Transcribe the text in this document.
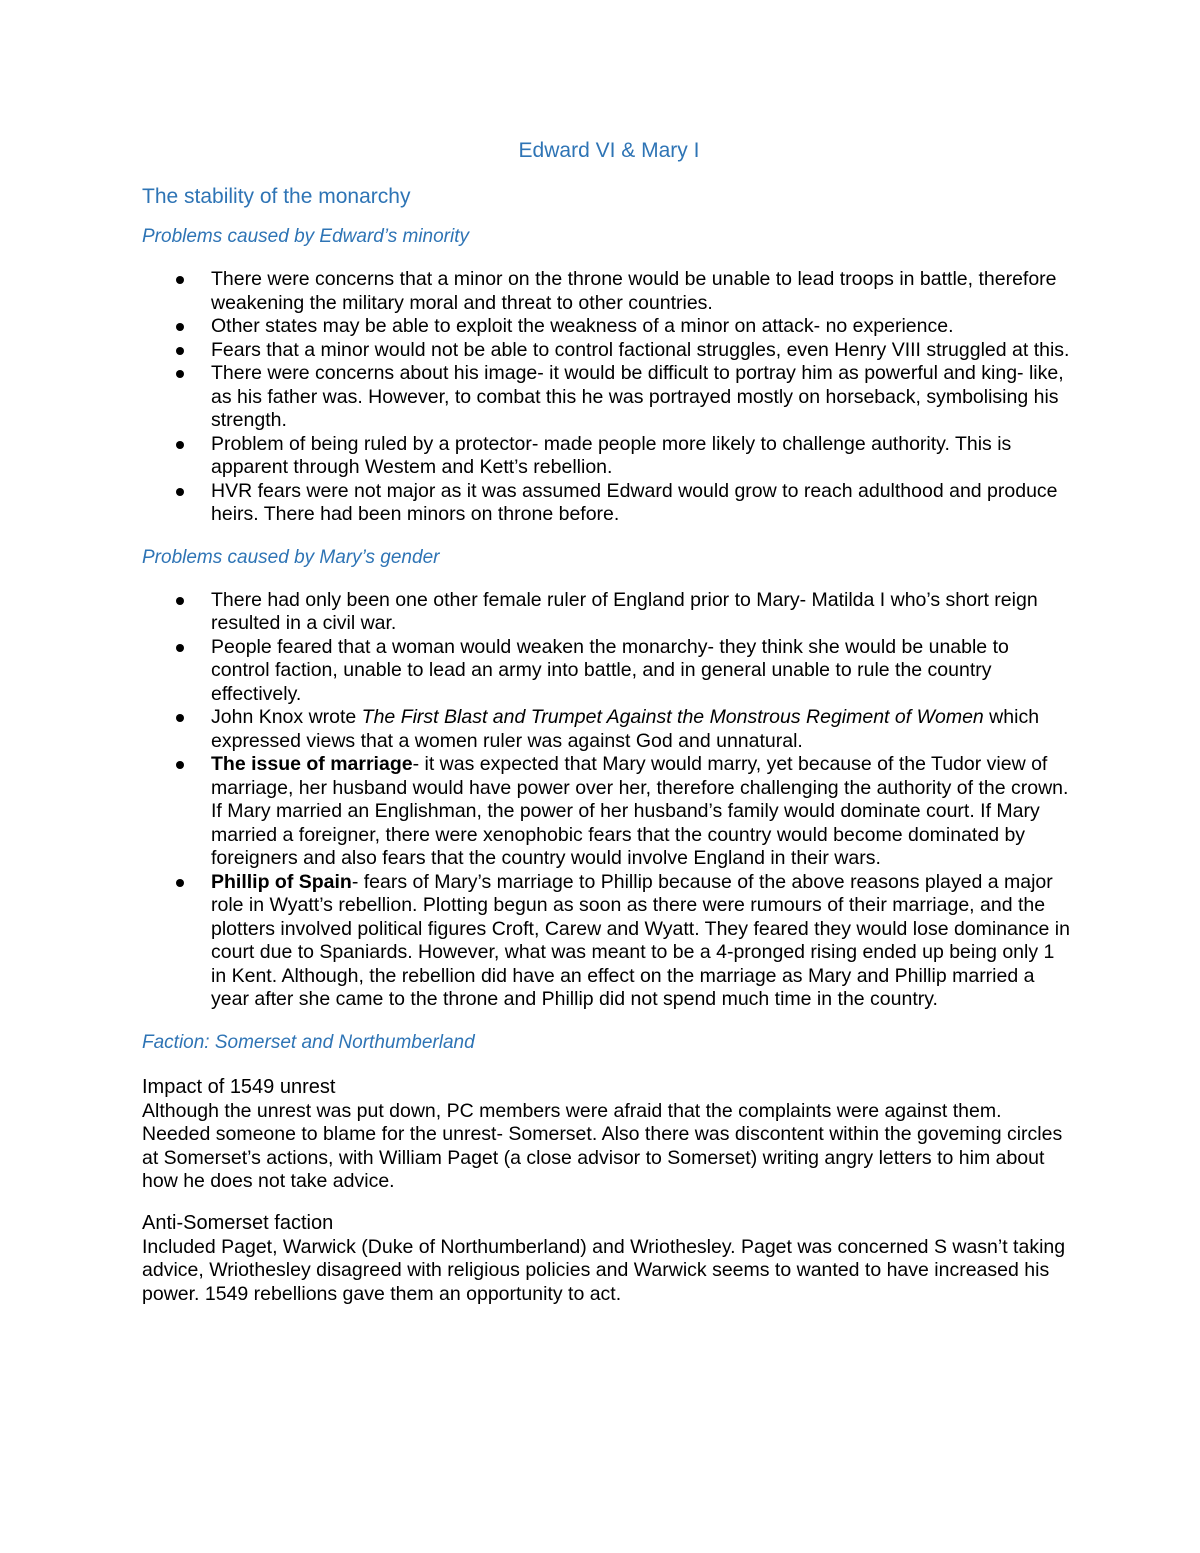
Edward VI & Mary I
The stability of the monarchy
Problems caused by Edward’s minority
There were concerns that a minor on the throne would be unable to lead troops in battle, therefore weakening the military moral and threat to other countries.
Other states may be able to exploit the weakness of a minor on attack- no experience.
Fears that a minor would not be able to control factional struggles, even Henry VIII struggled at this.
There were concerns about his image- it would be difficult to portray him as powerful and king- like, as his father was. However, to combat this he was portrayed mostly on horseback, symbolising his strength.
Problem of being ruled by a protector- made people more likely to challenge authority. This is apparent through Westem and Kett’s rebellion.
HVR fears were not major as it was assumed Edward would grow to reach adulthood and produce heirs. There had been minors on throne before.
Problems caused by Mary’s gender
There had only been one other female ruler of England prior to Mary- Matilda I who’s short reign resulted in a civil war.
People feared that a woman would weaken the monarchy- they think she would be unable to control faction, unable to lead an army into battle, and in general unable to rule the country effectively.
John Knox wrote The First Blast and Trumpet Against the Monstrous Regiment of Women which expressed views that a women ruler was against God and unnatural.
The issue of marriage- it was expected that Mary would marry, yet because of the Tudor view of marriage, her husband would have power over her, therefore challenging the authority of the crown. If Mary married an Englishman, the power of her husband’s family would dominate court. If Mary married a foreigner, there were xenophobic fears that the country would become dominated by foreigners and also fears that the country would involve England in their wars.
Phillip of Spain- fears of Mary’s marriage to Phillip because of the above reasons played a major role in Wyatt’s rebellion. Plotting begun as soon as there were rumours of their marriage, and the plotters involved political figures Croft, Carew and Wyatt. They feared they would lose dominance in court due to Spaniards. However, what was meant to be a 4-pronged rising ended up being only 1 in Kent. Although, the rebellion did have an effect on the marriage as Mary and Phillip married a year after she came to the throne and Phillip did not spend much time in the country.
Faction: Somerset and Northumberland
Impact of 1549 unrest
Although the unrest was put down, PC members were afraid that the complaints were against them. Needed someone to blame for the unrest- Somerset. Also there was discontent within the goveming circles at Somerset’s actions, with William Paget (a close advisor to Somerset) writing angry letters to him about how he does not take advice.
Anti-Somerset faction
Included Paget, Warwick (Duke of Northumberland) and Wriothesley. Paget was concerned S wasn’t taking advice, Wriothesley disagreed with religious policies and Warwick seems to wanted to have increased his power. 1549 rebellions gave them an opportunity to act.
